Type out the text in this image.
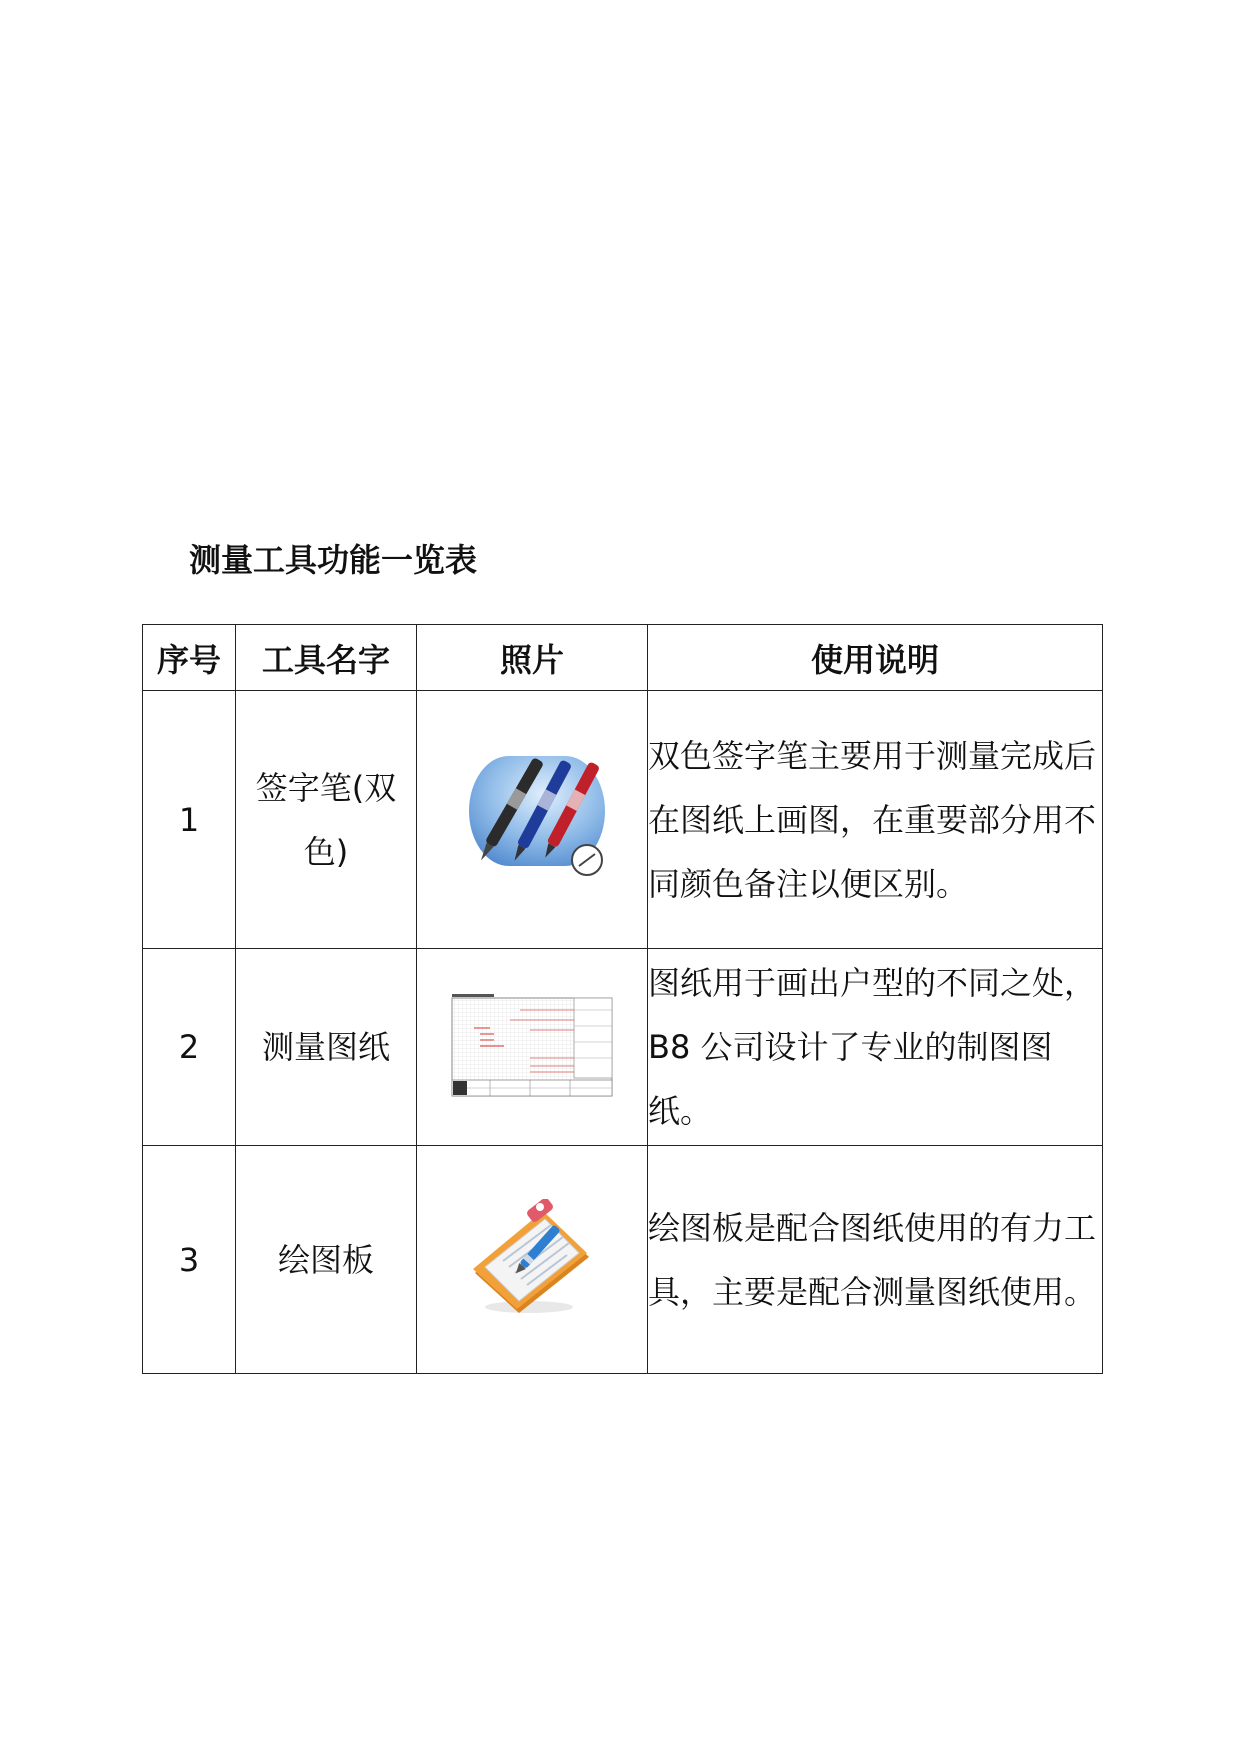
测量工具功能一览表
序号	工具名字	照片	使用说明
1	签字笔(双色)		双色签字笔主要用于测量完成后在图纸上画图，在重要部分用不同颜色备注以便区别。
2	测量图纸		图纸用于画出户型的不同之处，B8 公司设计了专业的制图图纸。
3	绘图板		绘图板是配合图纸使用的有力工具，主要是配合测量图纸使用。
